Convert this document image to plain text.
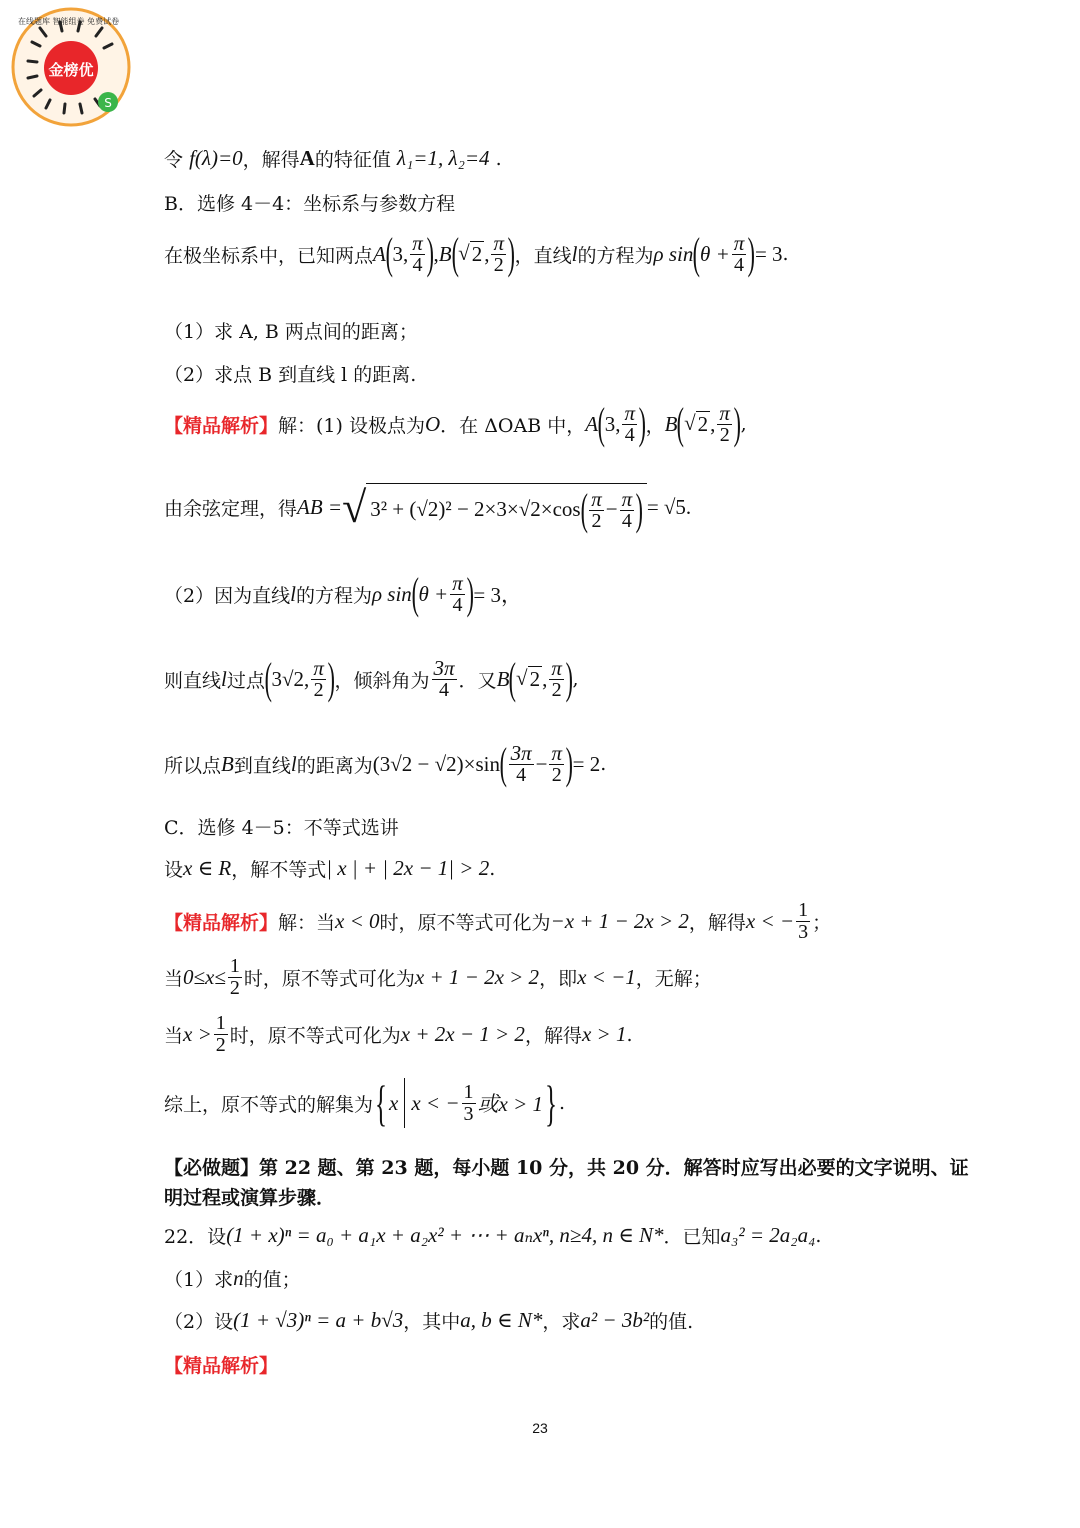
金榜优
S
在线题库 智能组卷 免费试卷
令
f(λ)=0 ，解得 A 的特征值
λ₁=1, λ₂=4
.
B．选修 4－4：坐标系与参数方程
在极坐标系中，已知两点 A ( 3, $\frac{\pi}{4}$ ) , B ( √ 2 , $\frac{\pi}{2}$ ) ，直线 l 的方程为 ρ sin ( $\theta + \frac{\pi}{4}$ ) = 3 .
（1）求 A, B 两点间的距离；
（2）求点 B 到直线 l 的距离.
【精品解析】 解：(1) 设极点为 O ．在 ΔOAB 中， A ( 3, $\frac{\pi}{4}$ ) ， B ( √ 2 , $\frac{\pi}{2}$ ) ,
由余弦定理，得 AB = √ 3² + (√2)² − 2×3×√2×cos ( $\frac{\pi}{2} - \frac{\pi}{4}$ ) = √5.
（2）因为直线 l 的方程为 ρ sin ( $\theta + \frac{\pi}{4}$ ) = 3，
则直线 l 过点 ( 3√2, $\frac{\pi}{2}$ ) ，倾斜角为 $\frac{3\pi}{4}$ ．又 B ( √ 2 , $\frac{\pi}{2}$ ) ,
所以点 B 到直线 l 的距离为 (3√2 − √2)×sin ( $\frac{3\pi}{4} - \frac{\pi}{2}$ ) = 2 .
C．选修 4－5：不等式选讲
设 x ∈ R ，解不等式 | x | + | 2x − 1| > 2 .
【精品解析】 解：当 x < 0 时，原不等式可化为 −x + 1 − 2x > 2 ，解得 x < − $\frac{1}{3}$ ；
当 $0\le x\le \frac{1}{2}$ 时，原不等式可化为 x + 1 − 2x > 2 ，即 x < −1 ，无解；
当 $x > \frac{1}{2}$ 时，原不等式可化为 x + 2x − 1 > 2 ，解得 x > 1 .
综上，原不等式的解集为 { x x < − $\frac{1}{3}$ 或x > 1 } .
【必做题】第 22 题、第 23 题，每小题 10 分，共 20 分．解答时应写出必要的文字说明、证
明过程或演算步骤．
22．设 (1 + x)ⁿ = a₀ + a₁x + a₂x² + ⋯ + aₙxⁿ, n≥4, n ∈ N* ．已知 a₃² = 2a₂a₄ .
（1）求 n 的值；
（2）设 (1 + √3)ⁿ = a + b√3 ，其中 a, b ∈ N* ，求 a² − 3b² 的值.
【精品解析】
23
